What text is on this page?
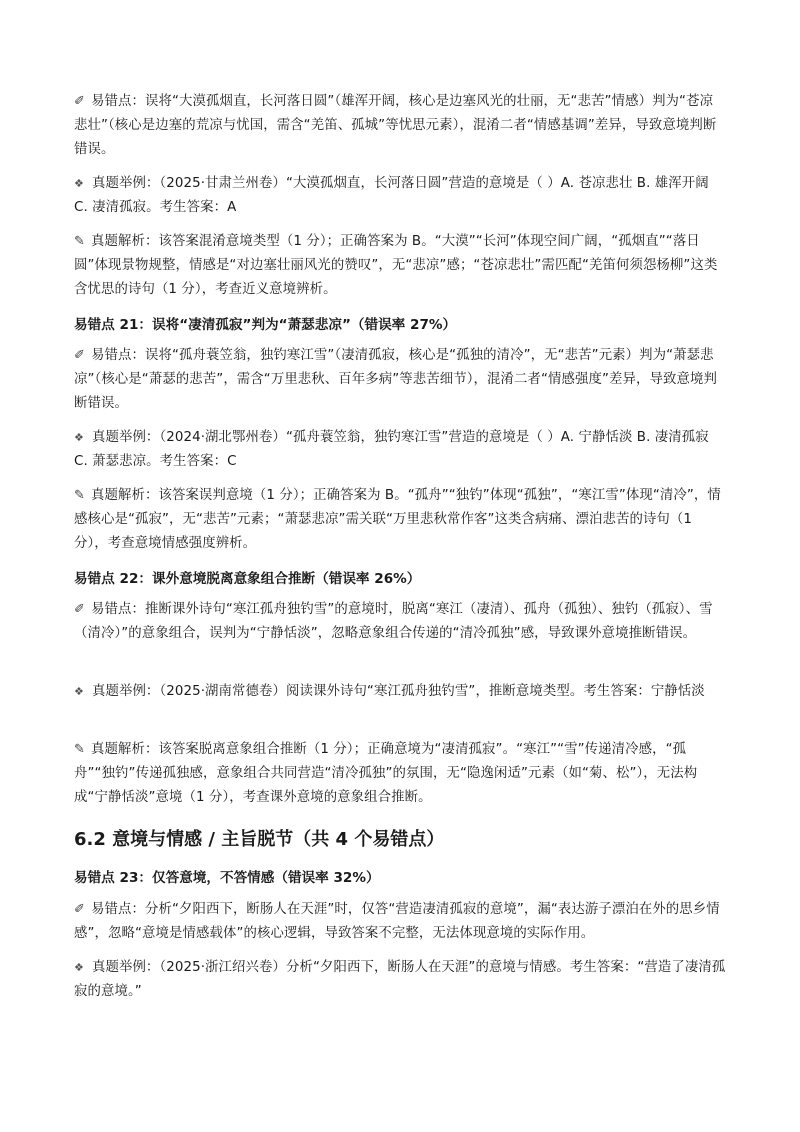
✐ 易错点：误将“大漠孤烟直，长河落日圆”（雄浑开阔，核心是边塞风光的壮丽，无“悲苦”情感）判为“苍凉悲壮”（核心是边塞的荒凉与忧国，需含“羌笛、孤城”等忧思元素），混淆二者“情感基调”差异，导致意境判断错误。

❖ 真题举例：（2025·甘肃兰州卷）“大漠孤烟直，长河落日圆”营造的意境是（ ）A. 苍凉悲壮 B. 雄浑开阔 C. 凄清孤寂。考生答案：A

✎ 真题解析：该答案混淆意境类型（1 分）；正确答案为 B。“大漠”“长河”体现空间广阔，“孤烟直”“落日圆”体现景物规整，情感是“对边塞壮丽风光的赞叹”，无“悲凉”感；“苍凉悲壮”需匹配“羌笛何须怨杨柳”这类含忧思的诗句（1 分），考查近义意境辨析。

易错点 21：误将“凄清孤寂”判为“萧瑟悲凉”（错误率 27%）

✐ 易错点：误将“孤舟蓑笠翁，独钓寒江雪”（凄清孤寂，核心是“孤独的清冷”，无“悲苦”元素）判为“萧瑟悲凉”（核心是“萧瑟的悲苦”，需含“万里悲秋、百年多病”等悲苦细节），混淆二者“情感强度”差异，导致意境判断错误。

❖ 真题举例：（2024·湖北鄂州卷）“孤舟蓑笠翁，独钓寒江雪”营造的意境是（ ）A. 宁静恬淡 B. 凄清孤寂 C. 萧瑟悲凉。考生答案：C

✎ 真题解析：该答案误判意境（1 分）；正确答案为 B。“孤舟”“独钓”体现“孤独”，“寒江雪”体现“清冷”，情感核心是“孤寂”，无“悲苦”元素；“萧瑟悲凉”需关联“万里悲秋常作客”这类含病痛、漂泊悲苦的诗句（1 分），考查意境情感强度辨析。

易错点 22：课外意境脱离意象组合推断（错误率 26%）

✐ 易错点：推断课外诗句“寒江孤舟独钓雪”的意境时，脱离“寒江（凄清）、孤舟（孤独）、独钓（孤寂）、雪（清冷）”的意象组合，误判为“宁静恬淡”，忽略意象组合传递的“清冷孤独”感，导致课外意境推断错误。

❖ 真题举例：（2025·湖南常德卷）阅读课外诗句“寒江孤舟独钓雪”，推断意境类型。考生答案：宁静恬淡

✎ 真题解析：该答案脱离意象组合推断（1 分）；正确意境为“凄清孤寂”。“寒江”“雪”传递清冷感，“孤舟”“独钓”传递孤独感，意象组合共同营造“清冷孤独”的氛围，无“隐逸闲适”元素（如“菊、松”），无法构成“宁静恬淡”意境（1 分），考查课外意境的意象组合推断。

6.2 意境与情感 / 主旨脱节（共 4 个易错点）
易错点 23：仅答意境，不答情感（错误率 32%）

✐ 易错点：分析“夕阳西下，断肠人在天涯”时，仅答“营造凄清孤寂的意境”，漏“表达游子漂泊在外的思乡情感”，忽略“意境是情感载体”的核心逻辑，导致答案不完整，无法体现意境的实际作用。

❖ 真题举例：（2025·浙江绍兴卷）分析“夕阳西下，断肠人在天涯”的意境与情感。考生答案：“营造了凄清孤寂的意境。”
